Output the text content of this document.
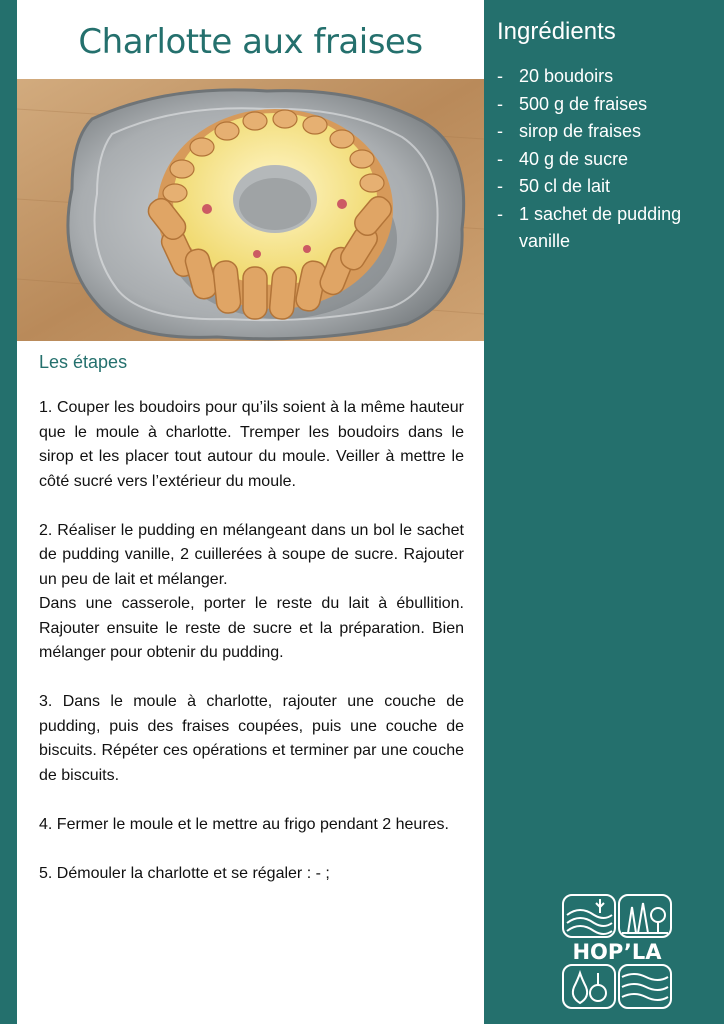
Charlotte aux fraises
Les étapes

1. Couper les boudoirs pour qu’ils soient à la même hauteur que le moule à charlotte. Tremper les boudoirs dans le sirop et les placer tout autour du moule. Veiller à mettre le côté sucré vers l’extérieur du moule.

2. Réaliser le pudding en mélangeant dans un bol le sachet de pudding vanille, 2 cuillerées à soupe de sucre. Rajouter un peu de lait et mélanger.

Dans une casserole, porter le reste du lait à ébullition. Rajouter ensuite le reste de sucre et la préparation. Bien mélanger pour obtenir du pudding.

3. Dans le moule à charlotte, rajouter une couche de pudding, puis des fraises coupées, puis une couche de biscuits. Répéter ces opérations et terminer par une couche de biscuits.

4. Fermer le moule et le mettre au frigo pendant 2 heures.

5. Démouler la charlotte et se régaler : - ;

Ingrédients
- 20 boudoirs
- 500 g de fraises
- sirop de fraises
- 40 g de sucre
- 50 cl de lait
- 1 sachet de pudding vanille
HOP’LA
